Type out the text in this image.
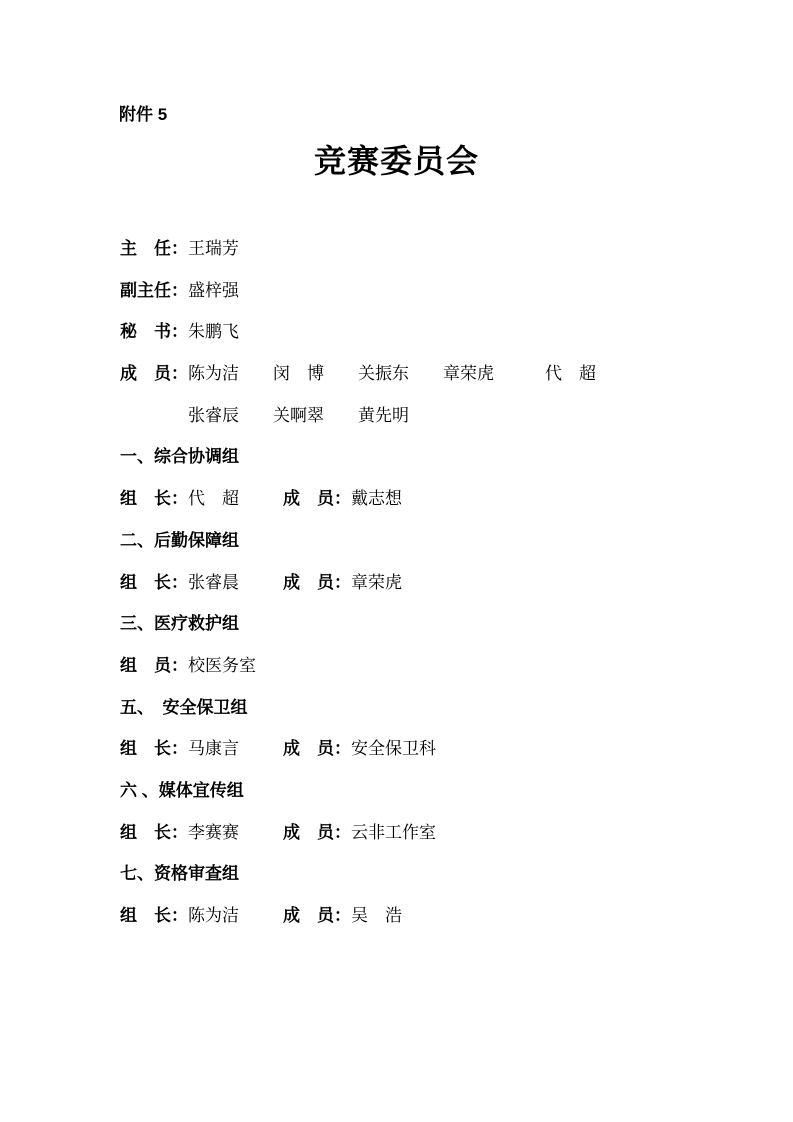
附件 5
竞赛委员会
主　任：王瑞芳
副主任：盛梓强
秘　书：朱鹏飞
成　员：陈为洁　　闵　博　　关振东　　章荣虎　　　代　超
张睿辰　　关啊翠　　黄先明
一、综合协调组
组　长：代　超	成　员：戴志想
二、后勤保障组
组　长：张睿晨	成　员：章荣虎
三、医疗救护组
组　员：校医务室
五、　安全保卫组
组　长：马康言	成　员：安全保卫科
六 、媒体宜传组
组　长：李赛赛	成　员：云非工作室
七、资格审查组
组　长：陈为洁	成　员：吴　浩
